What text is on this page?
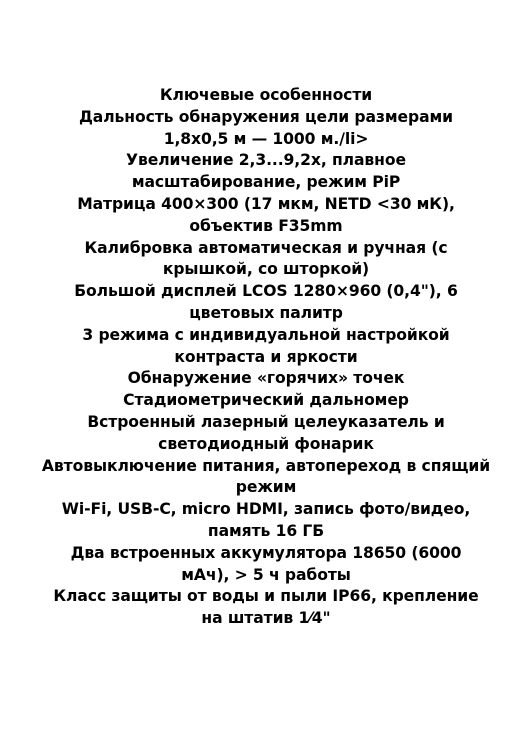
Ключевые особенности
Дальность обнаружения цели размерами
1,8x0,5 м — 1000 м./li>
Увеличение 2,3...9,2x, плавное
масштабирование, режим PiP
Матрица 400×300 (17 мкм, NETD <30 мК),
объектив F35mm
Калибровка автоматическая и ручная (с
крышкой, со шторкой)
Большой дисплей LCOS 1280×960 (0,4"), 6
цветовых палитр
3 режима с индивидуальной настройкой
контраста и яркости
Обнаружение «горячих» точек
Стадиометрический дальномер
Встроенный лазерный целеуказатель и
светодиодный фонарик
Автовыключение питания, автопереход в спящий
режим
Wi-Fi, USB-C, micro HDMI, запись фото/видео,
память 16 ГБ
Два встроенных аккумулятора 18650 (6000
мАч), > 5 ч работы
Класс защиты от воды и пыли IP66, крепление
на штатив 1⁄4"
